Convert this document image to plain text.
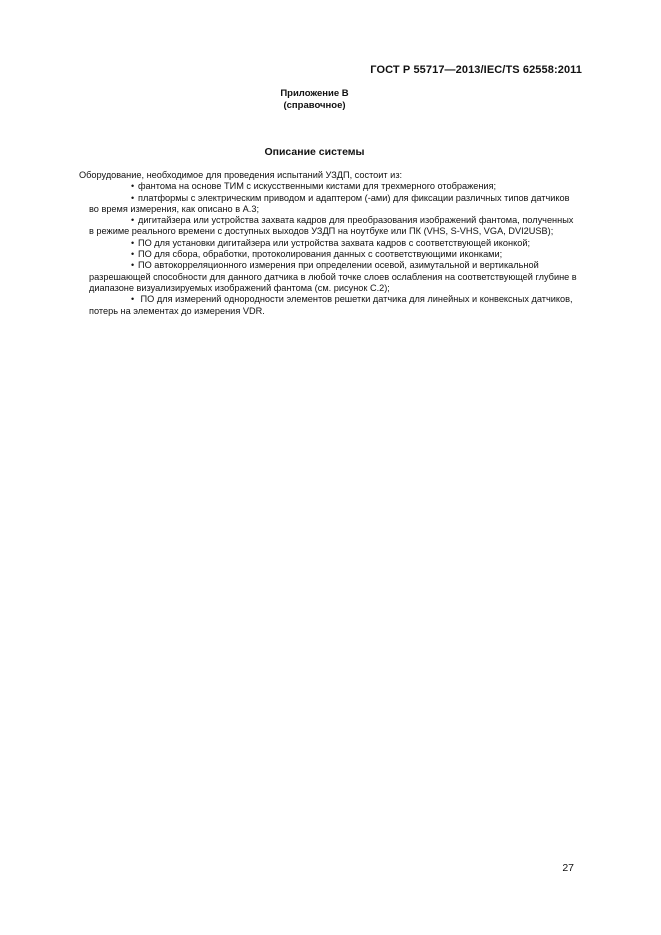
ГОСТ Р 55717—2013/IEC/TS 62558:2011
Приложение В
(справочное)
Описание системы

Оборудование, необходимое для проведения испытаний УЗДП, состоит из:

• фантома на основе ТИМ с искусственными кистами для трехмерного отображения;

• платформы с электрическим приводом и адаптером (-ами) для фиксации различных типов датчиков во время измерения, как описано в А.3;

• дигитайзера или устройства захвата кадров для преобразования изображений фантома, полученных в режиме реального времени с доступных выходов УЗДП на ноутбуке или ПК (VHS, S-VHS, VGA, DVI2USB);

• ПО для установки дигитайзера или устройства захвата кадров с соответствующей иконкой;

• ПО для сбора, обработки, протоколирования данных с соответствующими иконками;

• ПО автокорреляционного измерения при определении осевой, азимутальной и вертикальной разрешающей способности для данного датчика в любой точке слоев ослабления на соответствующей глубине в диапазоне визуализируемых изображений фантома (см. рисунок С.2);

• ПО для измерений однородности элементов решетки датчика для линейных и конвексных датчиков, потерь на элементах до измерения VDR.

27
